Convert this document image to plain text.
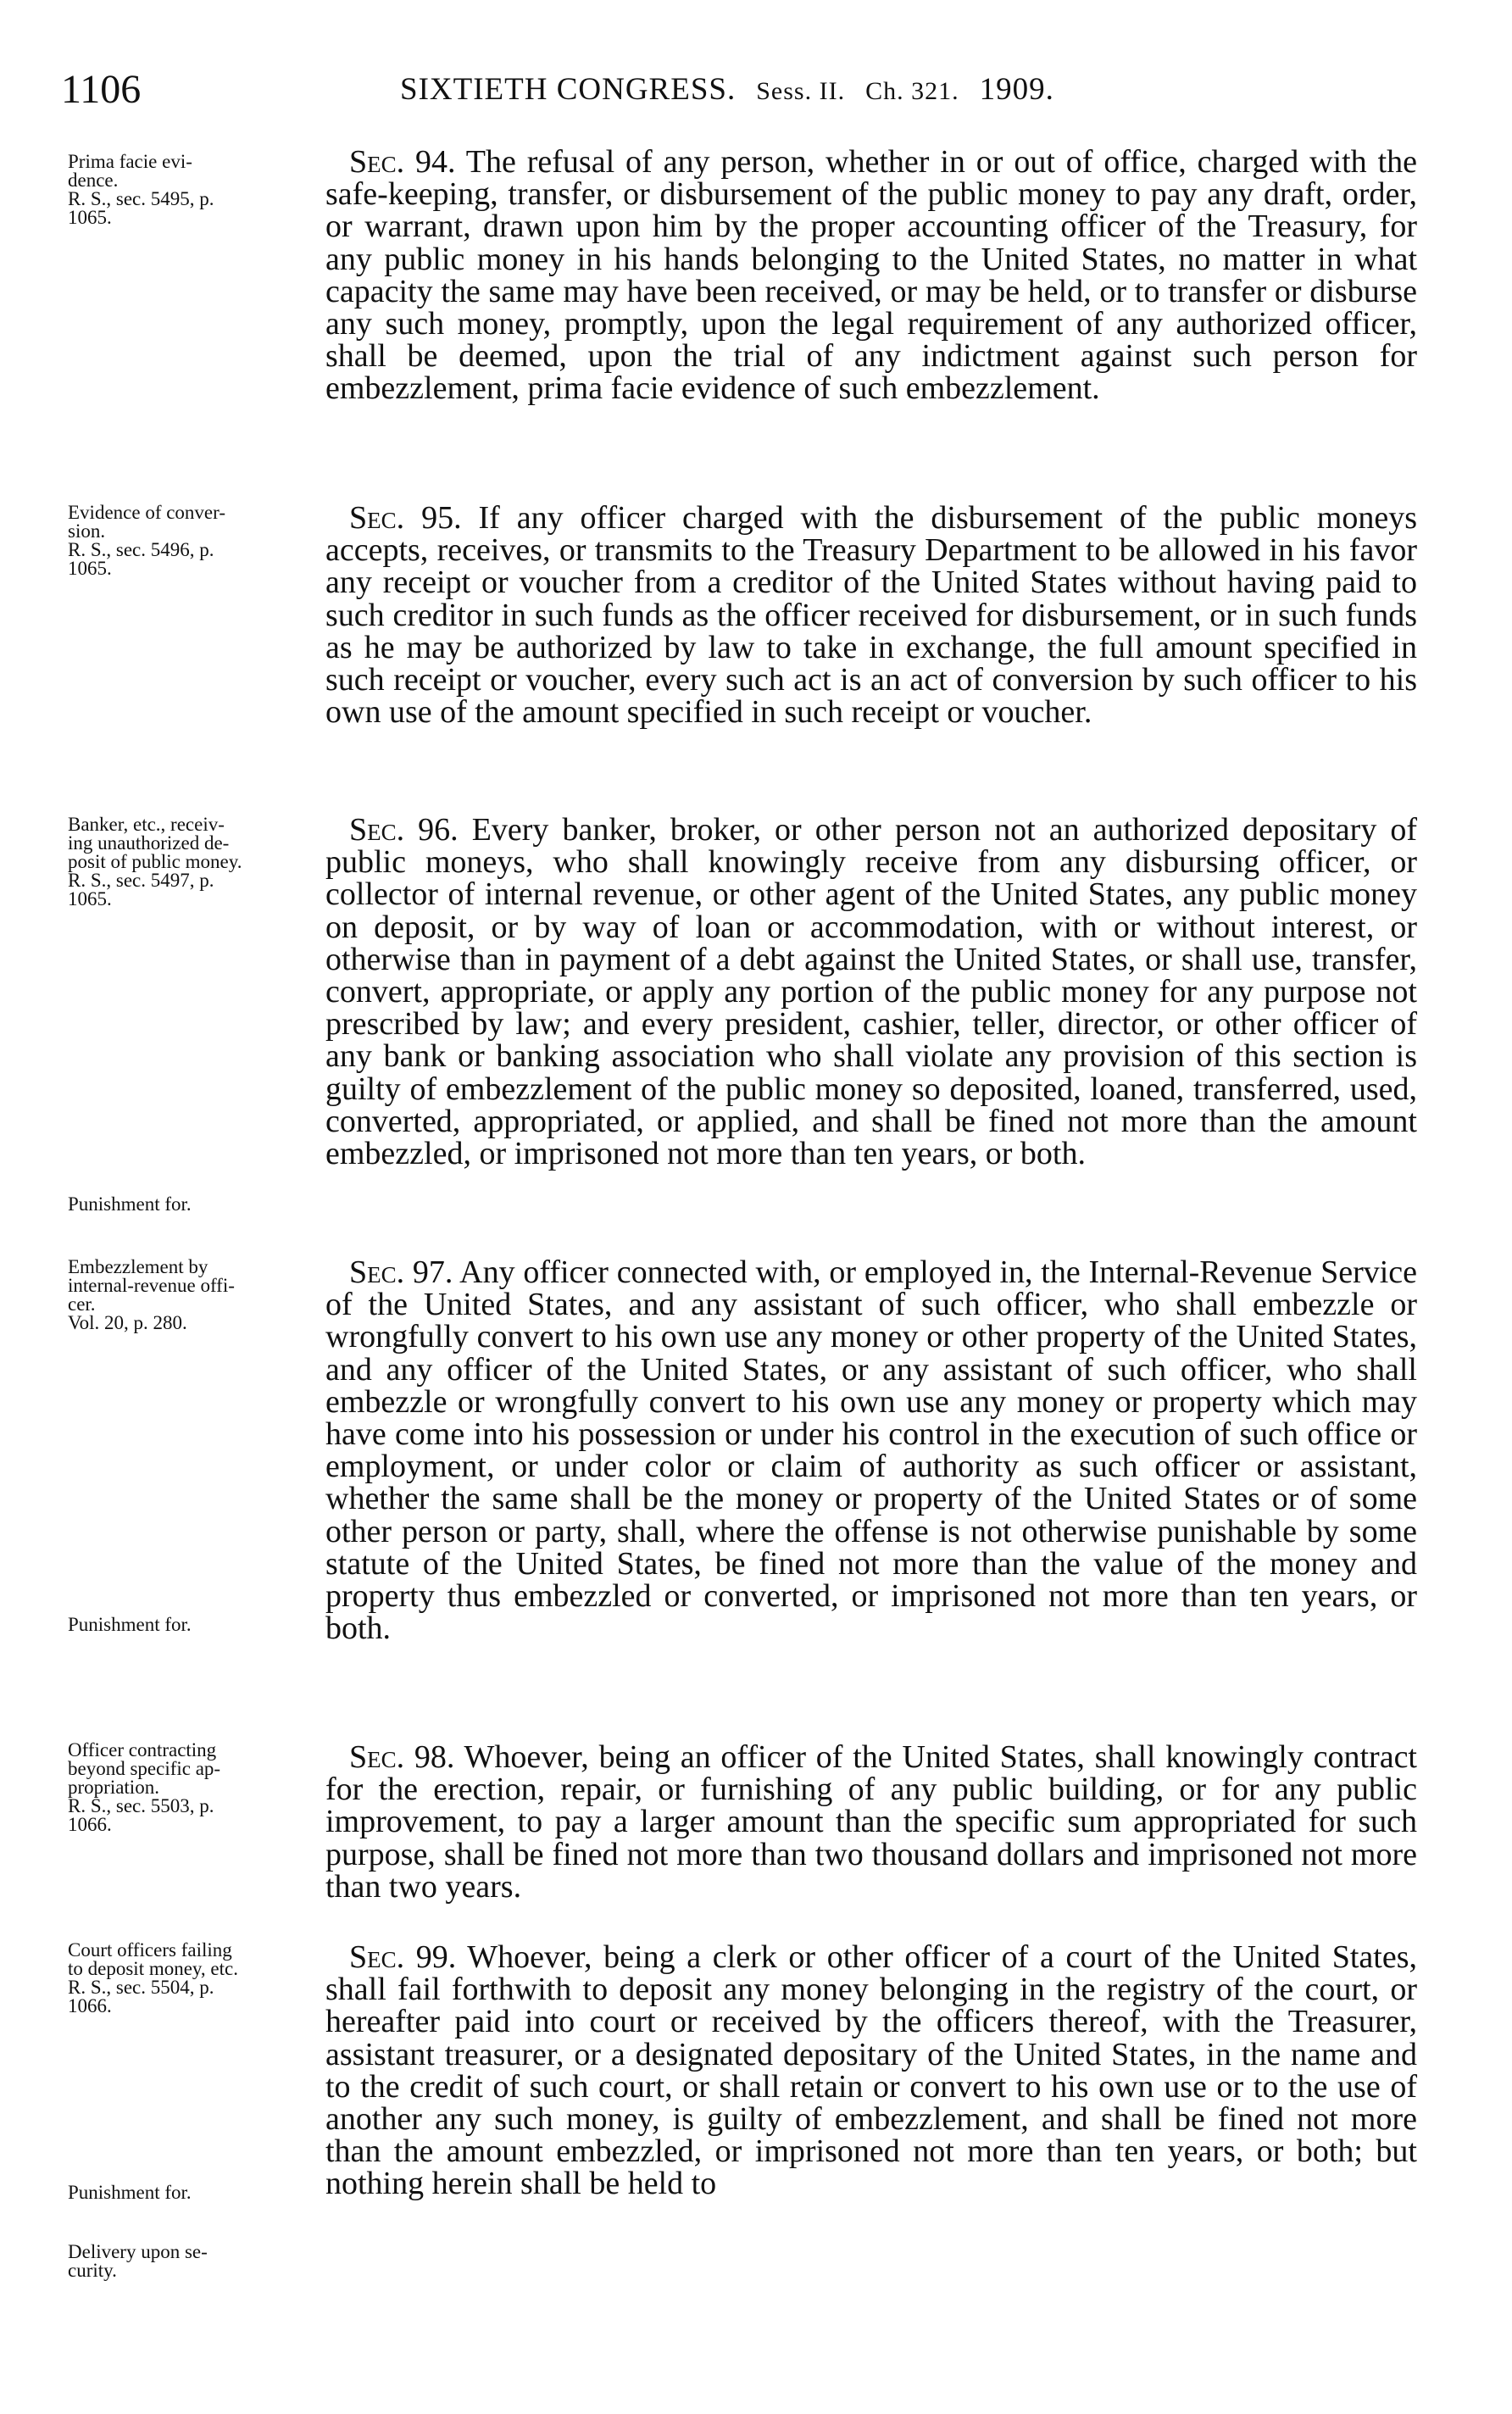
1106	SIXTIETH CONGRESS. Sess. II. Ch. 321. 1909.
Prima facie evi-
dence.
R. S., sec. 5495, p.
1065.
Evidence of conver-
sion.
R. S., sec. 5496, p.
1065.
Banker, etc., receiv-
ing unauthorized de-
posit of public money.
R. S., sec. 5497, p.
1065.
Punishment for.
Embezzlement by
internal-revenue offi-
cer.
Vol. 20, p. 280.
Punishment for.
Officer contracting
beyond specific ap-
propriation.
R. S., sec. 5503, p.
1066.
Court officers failing
to deposit money, etc.
R. S., sec. 5504, p.
1066.
Punishment for.
Delivery upon se-
curity.

Sec. 94. The refusal of any person, whether in or out of office, charged with the safe-keeping, transfer, or disbursement of the public money to pay any draft, order, or warrant, drawn upon him by the proper accounting officer of the Treasury, for any public money in his hands belonging to the United States, no matter in what capacity the same may have been received, or may be held, or to transfer or disburse any such money, promptly, upon the legal requirement of any authorized officer, shall be deemed, upon the trial of any indictment against such person for embezzlement, prima facie evidence of such embezzlement.

Sec. 95. If any officer charged with the disbursement of the public moneys accepts, receives, or transmits to the Treasury Department to be allowed in his favor any receipt or voucher from a creditor of the United States without having paid to such creditor in such funds as the officer received for disbursement, or in such funds as he may be authorized by law to take in exchange, the full amount specified in such receipt or voucher, every such act is an act of conversion by such officer to his own use of the amount specified in such receipt or voucher.

Sec. 96. Every banker, broker, or other person not an authorized depositary of public moneys, who shall knowingly receive from any disbursing officer, or collector of internal revenue, or other agent of the United States, any public money on deposit, or by way of loan or accommodation, with or without interest, or otherwise than in payment of a debt against the United States, or shall use, transfer, convert, appropriate, or apply any portion of the public money for any purpose not prescribed by law; and every president, cashier, teller, director, or other officer of any bank or banking association who shall violate any provision of this section is guilty of embezzlement of the public money so deposited, loaned, transferred, used, converted, appropriated, or applied, and shall be fined not more than the amount embezzled, or imprisoned not more than ten years, or both.

Sec. 97. Any officer connected with, or employed in, the Internal-Revenue Service of the United States, and any assistant of such officer, who shall embezzle or wrongfully convert to his own use any money or other property of the United States, and any officer of the United States, or any assistant of such officer, who shall embezzle or wrongfully convert to his own use any money or property which may have come into his possession or under his control in the execution of such office or employment, or under color or claim of authority as such officer or assistant, whether the same shall be the money or property of the United States or of some other person or party, shall, where the offense is not otherwise punishable by some statute of the United States, be fined not more than the value of the money and property thus embezzled or converted, or imprisoned not more than ten years, or both.

Sec. 98. Whoever, being an officer of the United States, shall knowingly contract for the erection, repair, or furnishing of any public building, or for any public improvement, to pay a larger amount than the specific sum appropriated for such purpose, shall be fined not more than two thousand dollars and imprisoned not more than two years.

Sec. 99. Whoever, being a clerk or other officer of a court of the United States, shall fail forthwith to deposit any money belonging in the registry of the court, or hereafter paid into court or received by the officers thereof, with the Treasurer, assistant treasurer, or a designated depositary of the United States, in the name and to the credit of such court, or shall retain or convert to his own use or to the use of another any such money, is guilty of embezzlement, and shall be fined not more than the amount embezzled, or imprisoned not more than ten years, or both; but nothing herein shall be held to
